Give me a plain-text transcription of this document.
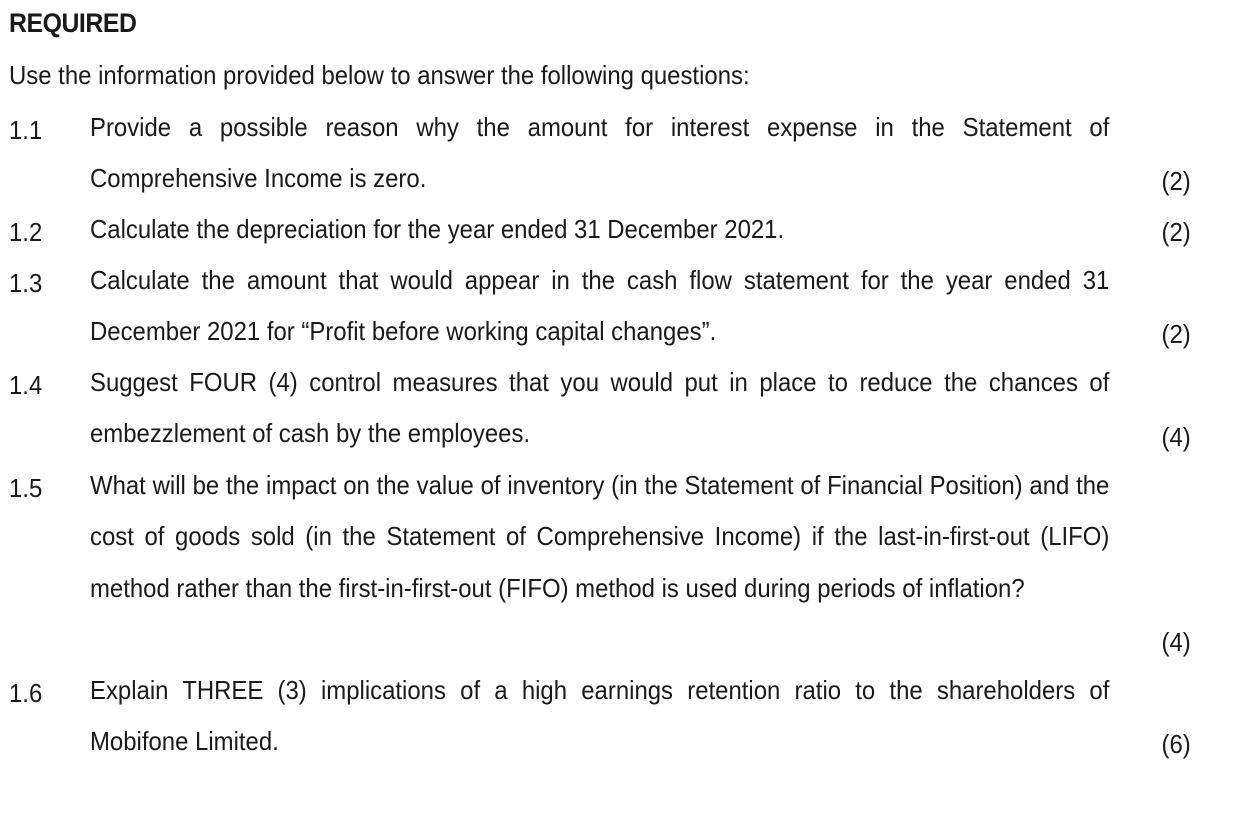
REQUIRED
Use the information provided below to answer the following questions:
1.1 Provide a possible reason why the amount for interest expense in the Statement of Comprehensive Income is zero.	(2)
1.2 Calculate the depreciation for the year ended 31 December 2021.	(2)
1.3 Calculate the amount that would appear in the cash flow statement for the year ended 31 December 2021 for “Profit before working capital changes”.	(2)
1.4 Suggest FOUR (4) control measures that you would put in place to reduce the chances of embezzlement of cash by the employees.	(4)
1.5 What will be the impact on the value of inventory (in the Statement of Financial Position) and the cost of goods sold (in the Statement of Comprehensive Income) if the last-in-first-out (LIFO) method rather than the first-in-first-out (FIFO) method is used during periods of inflation?
(4)
1.6 Explain THREE (3) implications of a high earnings retention ratio to the shareholders of Mobifone Limited.	(6)
